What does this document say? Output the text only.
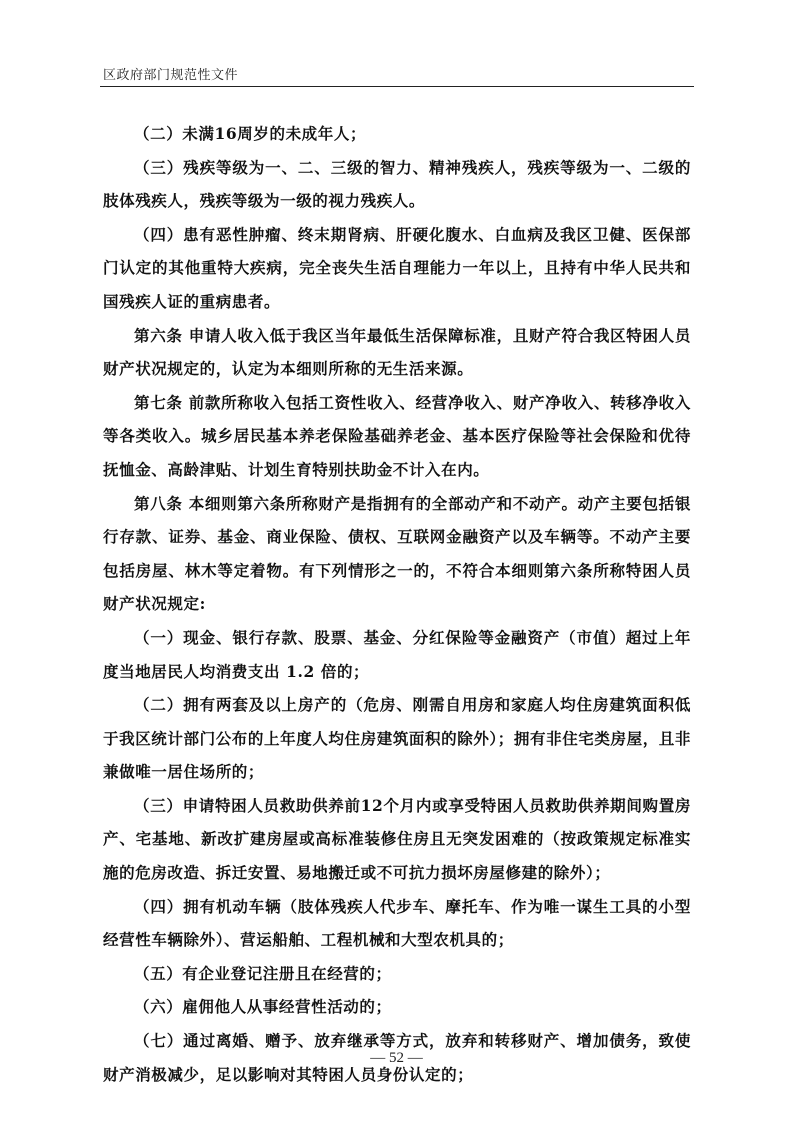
区政府部门规范性文件

（二）未满16周岁的未成年人；

（三）残疾等级为一、二、三级的智力、精神残疾人，残疾等级为一、二级的肢体残疾人，残疾等级为一级的视力残疾人。

（四）患有恶性肿瘤、终末期肾病、肝硬化腹水、白血病及我区卫健、医保部门认定的其他重特大疾病，完全丧失生活自理能力一年以上，且持有中华人民共和国残疾人证的重病患者。

第六条 申请人收入低于我区当年最低生活保障标准，且财产符合我区特困人员财产状况规定的，认定为本细则所称的无生活来源。

第七条 前款所称收入包括工资性收入、经营净收入、财产净收入、转移净收入等各类收入。城乡居民基本养老保险基础养老金、基本医疗保险等社会保险和优待抚恤金、高龄津贴、计划生育特别扶助金不计入在内。

第八条 本细则第六条所称财产是指拥有的全部动产和不动产。动产主要包括银行存款、证券、基金、商业保险、债权、互联网金融资产以及车辆等。不动产主要包括房屋、林木等定着物。有下列情形之一的，不符合本细则第六条所称特困人员财产状况规定:

（一）现金、银行存款、股票、基金、分红保险等金融资产（市值）超过上年度当地居民人均消费支出 1.2 倍的；

（二）拥有两套及以上房产的（危房、刚需自用房和家庭人均住房建筑面积低于我区统计部门公布的上年度人均住房建筑面积的除外）；拥有非住宅类房屋，且非兼做唯一居住场所的；

（三）申请特困人员救助供养前12个月内或享受特困人员救助供养期间购置房产、宅基地、新改扩建房屋或高标准装修住房且无突发困难的（按政策规定标准实施的危房改造、拆迁安置、易地搬迁或不可抗力损坏房屋修建的除外）；

（四）拥有机动车辆（肢体残疾人代步车、摩托车、作为唯一谋生工具的小型经营性车辆除外）、营运船舶、工程机械和大型农机具的；

（五）有企业登记注册且在经营的；

（六）雇佣他人从事经营性活动的；

（七）通过离婚、赠予、放弃继承等方式，放弃和转移财产、增加债务，致使财产消极减少，足以影响对其特困人员身份认定的；

— 52 —
